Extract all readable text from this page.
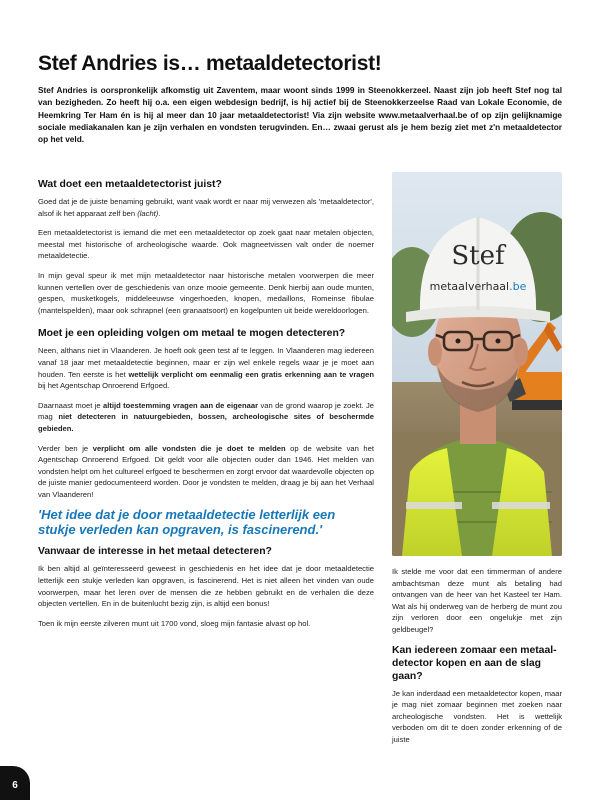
Stef Andries is… metaaldetectorist!

Stef Andries is oorspronkelijk afkomstig uit Zaventem, maar woont sinds 1999 in Steenokkerzeel. Naast zijn job heeft Stef nog tal van bezigheden. Zo heeft hij o.a. een eigen webdesign bedrijf, is hij actief bij de Steenokkerzeelse Raad van Lokale Economie, de Heemkring Ter Ham én is hij al meer dan 10 jaar metaaldetectorist! Via zijn website www.metaalverhaal.be of op zijn gelijknamige sociale mediakanalen kan je zijn verhalen en vondsten terugvinden. En… zwaai gerust als je hem bezig ziet met z'n metaaldetector op het veld.

Wat doet een metaaldetectorist juist?

Goed dat je de juiste benaming gebruikt, want vaak wordt er naar mij verwezen als 'metaaldetector', alsof ik het apparaat zelf ben (lacht).

Een metaaldetectorist is iemand die met een metaaldetector op zoek gaat naar metalen objecten, meestal met historische of archeologische waarde. Ook magneetvissen valt onder de noemer metaaldetectie.

In mijn geval speur ik met mijn metaaldetector naar historische metalen voorwerpen die meer kunnen vertellen over de geschiedenis van onze mooie gemeente. Denk hierbij aan oude munten, gespen, musketkogels, middeleeuwse vingerhoeden, knopen, medaillons, Romeinse fibulae (mantelspelden), maar ook schrapnel (een granaatsoort) en kogelpunten uit beide wereldoorlogen.

Moet je een opleiding volgen om metaal te mogen detecteren?

Neen, althans niet in Vlaanderen. Je hoeft ook geen test af te leggen. In Vlaanderen mag iedereen vanaf 18 jaar met metaaldetectie beginnen, maar er zijn wel enkele regels waar je je moet aan houden. Ten eerste is het wettelijk verplicht om eenmalig een gratis erkenning aan te vragen bij het Agentschap Onroerend Erfgoed.

Daarnaast moet je altijd toestemming vragen aan de eigenaar van de grond waarop je zoekt. Je mag niet detecteren in natuurgebieden, bossen, archeologische sites of beschermde gebieden.

Verder ben je verplicht om alle vondsten die je doet te melden op de website van het Agentschap Onroerend Erfgoed. Dit geldt voor alle objecten ouder dan 1946. Het melden van vondsten helpt om het cultureel erfgoed te beschermen en zorgt ervoor dat waardevolle objecten op de juiste manier gedocumenteerd worden. Door je vondsten te melden, draag je bij aan het Verhaal van Vlaanderen!

'Het idee dat je door metaaldetectie letterlijk een stukje verleden kan opgraven, is fascinerend.'
Vanwaar de interesse in het metaal detecteren?

Ik ben altijd al geïnteresseerd geweest in geschiedenis en het idee dat je door metaaldetectie letterlijk een stukje verleden kan opgraven, is fascinerend. Het is niet alleen het vinden van oude voorwerpen, maar het leren over de mensen die ze hebben gebruikt en de verhalen die deze objecten vertellen. En in de buitenlucht bezig zijn, is altijd een bonus!

Toen ik mijn eerste zilveren munt uit 1700 vond, sloeg mijn fantasie alvast op hol.

Stef
metaalverhaal.be

Ik stelde me voor dat een timmerman of andere ambachtsman deze munt als betaling had ontvangen van de heer van het Kasteel ter Ham. Wat als hij onderweg van de herberg de munt zou zijn verloren door een ongelukje met zijn geldbeugel?

Kan iedereen zomaar een metaal-detector kopen en aan de slag gaan?

Je kan inderdaad een metaaldetector kopen, maar je mag niet zomaar beginnen met zoeken naar archeologische vondsten. Het is wettelijk verboden om dit te doen zonder erkenning of de juiste

6
